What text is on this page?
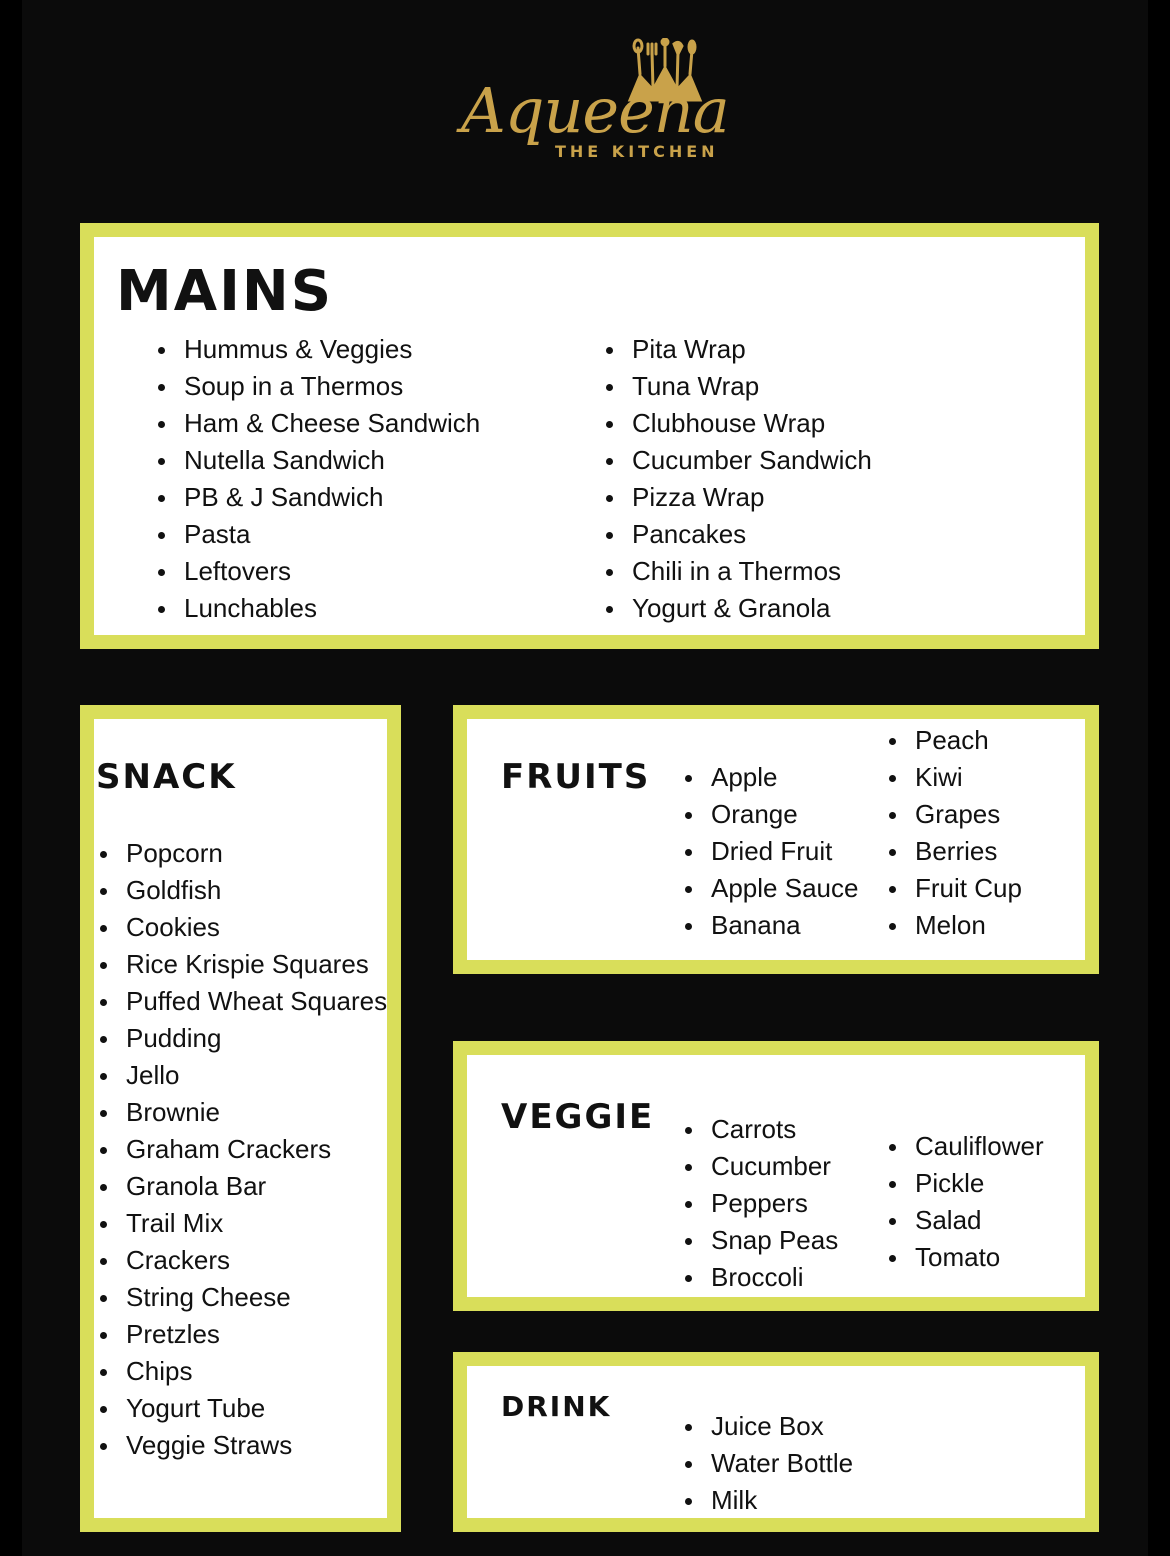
Aqueena
THE KITCHEN
MAINS
Hummus & Veggies
Soup in a Thermos
Ham & Cheese Sandwich
Nutella Sandwich
PB & J Sandwich
Pasta
Leftovers
Lunchables
Pita Wrap
Tuna Wrap
Clubhouse Wrap
Cucumber Sandwich
Pizza Wrap
Pancakes
Chili in a Thermos
Yogurt & Granola
SNACK
Popcorn
Goldfish
Cookies
Rice Krispie Squares
Puffed Wheat Squares
Pudding
Jello
Brownie
Graham Crackers
Granola Bar
Trail Mix
Crackers
String Cheese
Pretzles
Chips
Yogurt Tube
Veggie Straws
FRUITS	Apple
Orange
Dried Fruit
Apple Sauce
Banana
Peach
Kiwi
Grapes
Berries
Fruit Cup
Melon
VEGGIE	Carrots
Cucumber
Peppers
Snap Peas
Broccoli
Cauliflower
Pickle
Salad
Tomato
DRINK
Juice Box
Water Bottle
Milk
